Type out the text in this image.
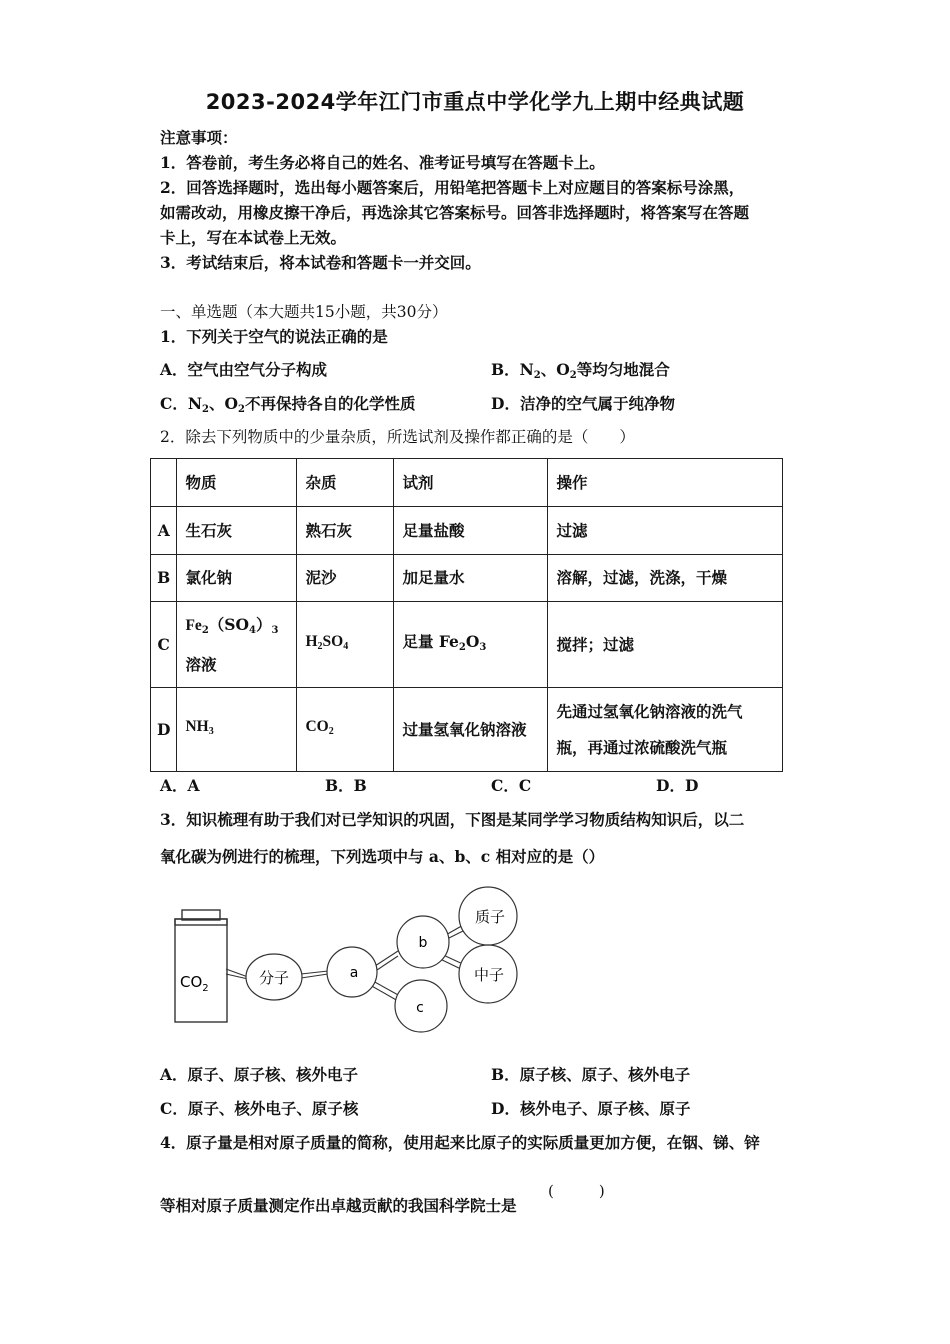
2023-2024学年江门市重点中学化学九上期中经典试题
注意事项：
1．答卷前，考生务必将自己的姓名、准考证号填写在答题卡上。
2．回答选择题时，选出每小题答案后，用铅笔把答题卡上对应题目的答案标号涂黑，
如需改动，用橡皮擦干净后，再选涂其它答案标号。回答非选择题时，将答案写在答题
卡上，写在本试卷上无效。
3．考试结束后，将本试卷和答题卡一并交回。
一、单选题（本大题共15小题，共30分）
1．下列关于空气的说法正确的是
A．空气由空气分子构成	B．$N_2$、$O_2$等均匀地混合
C．$N_2$、$O_2$不再保持各自的化学性质	D．洁净的空气属于纯净物
2．除去下列物质中的少量杂质，所选试剂及操作都正确的是（　　）
	物质	杂质	试剂	操作
A	生石灰	熟石灰	足量盐酸	过滤
B	氯化钠	泥沙	加足量水	溶解，过滤，洗涤，干燥
C	$Fe_2(SO_4)_3$
溶液	$H_2SO_4$	足量 $Fe_2O_3$	搅拌；过滤
D	$NH_3$	$CO_2$	过量氢氧化钠溶液	先通过氢氧化钠溶液的洗气
瓶，再通过浓硫酸洗气瓶
A．A	B．B	C．C	D．D
3．知识梳理有助于我们对已学知识的巩固，下图是某同学学习物质结构知识后，以二
氧化碳为例进行的梳理，下列选项中与 a、b、c 相对应的是（）
$CO_2$
分子	a
b
c
质子
中子
A．原子、原子核、核外电子	B．原子核、原子、核外电子
C．原子、核外电子、原子核	D．核外电子、原子核、原子
4．原子量是相对原子质量的简称，使用起来比原子的实际质量更加方便，在铟、锑、锌
等相对原子质量测定作出卓越贡献的我国科学院士是
(　　　)
